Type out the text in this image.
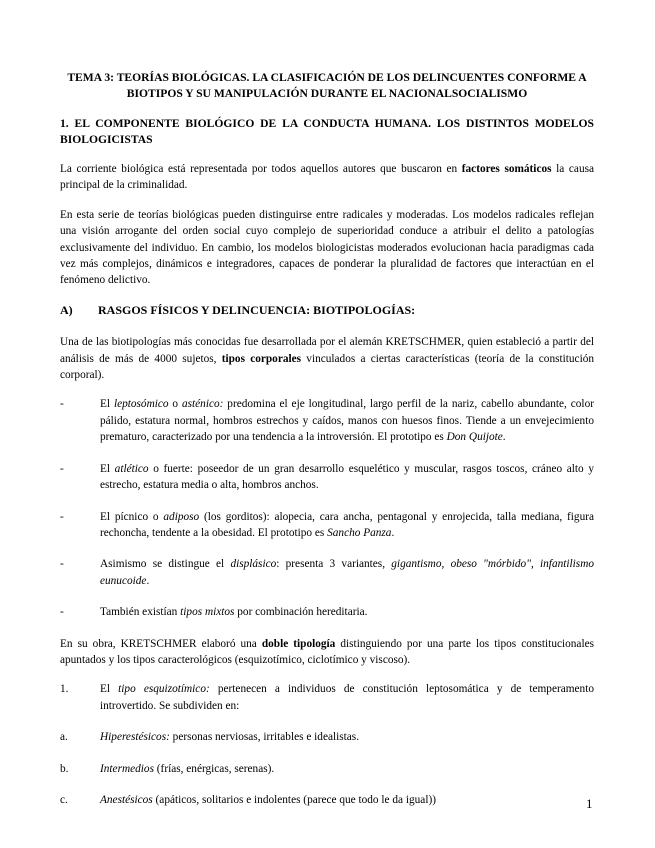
TEMA 3: TEORÍAS BIOLÓGICAS. LA CLASIFICACIÓN DE LOS DELINCUENTES CONFORME A
BIOTIPOS Y SU MANIPULACIÓN DURANTE EL NACIONALSOCIALISMO
1. EL COMPONENTE BIOLÓGICO DE LA CONDUCTA HUMANA. LOS DISTINTOS MODELOS BIOLOGICISTAS

La corriente biológica está representada por todos aquellos autores que buscaron en factores somáticos la causa principal de la criminalidad.

En esta serie de teorías biológicas pueden distinguirse entre radicales y moderadas. Los modelos radicales reflejan una visión arrogante del orden social cuyo complejo de superioridad conduce a atribuir el delito a patologías exclusivamente del individuo. En cambio, los modelos biologicistas moderados evolucionan hacia paradigmas cada vez más complejos, dinámicos e integradores, capaces de ponderar la pluralidad de factores que interactúan en el fenómeno delictivo.

A)	RASGOS FÍSICOS Y DELINCUENCIA: BIOTIPOLOGÍAS:

Una de las biotipologías más conocidas fue desarrollada por el alemán KRETSCHMER, quien estableció a partir del análisis de más de 4000 sujetos, tipos corporales vinculados a ciertas características (teoría de la constitución corporal).

-	El leptosómico o asténico: predomina el eje longitudinal, largo perfil de la nariz, cabello abundante, color pálido, estatura normal, hombros estrechos y caídos, manos con huesos finos. Tiende a un envejecimiento prematuro, caracterizado por una tendencia a la introversión. El prototipo es Don Quijote.
-	El atlético o fuerte: poseedor de un gran desarrollo esquelético y muscular, rasgos toscos, cráneo alto y estrecho, estatura media o alta, hombros anchos.
-	El pícnico o adiposo (los gorditos): alopecia, cara ancha, pentagonal y enrojecida, talla mediana, figura rechoncha, tendente a la obesidad. El prototipo es Sancho Panza.
-	Asimismo se distingue el displásico: presenta 3 variantes, gigantismo, obeso "mórbido", infantilismo eunucoide.
-	También existían tipos mixtos por combinación hereditaria.

En su obra, KRETSCHMER elaboró una doble tipología distinguiendo por una parte los tipos constitucionales apuntados y los tipos caracterológicos (esquizotímico, ciclotímico y viscoso).

1.	El tipo esquizotímico: pertenecen a individuos de constitución leptosomática y de temperamento introvertido. Se subdividen en:
a.	Hiperestésicos: personas nerviosas, irritables e idealistas.
b.	Intermedios (frías, enérgicas, serenas).
c.	Anestésicos (apáticos, solitarios e indolentes (parece que todo le da igual))	1
